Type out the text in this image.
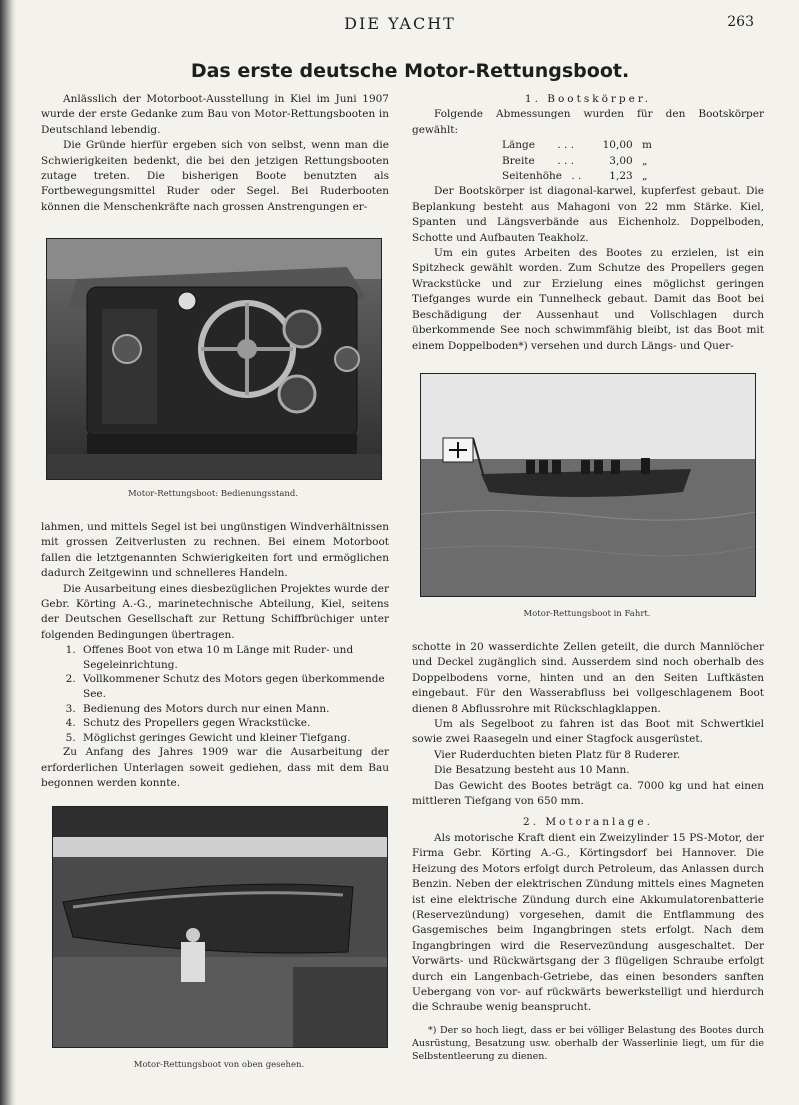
DIE YACHT	263
Das erste deutsche Motor-Rettungsboot.

Anlässlich der Motorboot-Ausstellung in Kiel im Juni 1907 wurde der erste Gedanke zum Bau von Motor-Rettungsbooten in Deutschland lebendig.

Die Gründe hierfür ergeben sich von selbst, wenn man die Schwierigkeiten bedenkt, die bei den jetzigen Rettungsbooten zutage treten. Die bisherigen Boote benutzten als Fortbewegungsmittel Ruder oder Segel. Bei Ruderbooten können die Menschenkräfte nach grossen Anstrengungen er-

Motor-Rettungsboot: Bedienungsstand.

lahmen, und mittels Segel ist bei ungünstigen Windverhältnissen mit grossen Zeitverlusten zu rechnen. Bei einem Motorboot fallen die letztgenannten Schwierigkeiten fort und ermöglichen dadurch Zeitgewinn und schnelleres Handeln.

Die Ausarbeitung eines diesbezüglichen Projektes wurde der Gebr. Körting A.-G., marinetechnische Abteilung, Kiel, seitens der Deutschen Gesellschaft zur Rettung Schiffbrüchiger unter folgenden Bedingungen übertragen.

1. Offenes Boot von etwa 10 m Länge mit Ruder- und Segeleinrichtung.
2. Vollkommener Schutz des Motors gegen überkommende See.
3. Bedienung des Motors durch nur einen Mann.
4. Schutz des Propellers gegen Wrackstücke.
5. Möglichst geringes Gewicht und kleiner Tiefgang.

Zu Anfang des Jahres 1909 war die Ausarbeitung der erforderlichen Unterlagen soweit gediehen, dass mit dem Bau begonnen werden konnte.

Motor-Rettungsboot von oben gesehen.
1. Bootskörper.

Folgende Abmessungen wurden für den Bootskörper gewählt:

Länge . . .	10,00 m
Breite . . .	3,00 „
Seitenhöhe . .	1,23 „

Der Bootskörper ist diagonal-karwel, kupferfest gebaut. Die Beplankung besteht aus Mahagoni von 22 mm Stärke. Kiel, Spanten und Längsverbände aus Eichenholz. Doppelboden, Schotte und Aufbauten Teakholz.

Um ein gutes Arbeiten des Bootes zu erzielen, ist ein Spitzheck gewählt worden. Zum Schutze des Propellers gegen Wrackstücke und zur Erzielung eines möglichst geringen Tiefganges wurde ein Tunnelheck gebaut. Damit das Boot bei Beschädigung der Aussenhaut und Vollschlagen durch überkommende See noch schwimmfähig bleibt, ist das Boot mit einem Doppelboden*) versehen und durch Längs- und Quer-

Motor-Rettungsboot in Fahrt.

schotte in 20 wasserdichte Zellen geteilt, die durch Mannlöcher und Deckel zugänglich sind. Ausserdem sind noch oberhalb des Doppelbodens vorne, hinten und an den Seiten Luftkästen eingebaut. Für den Wasserabfluss bei vollgeschlagenem Boot dienen 8 Abflussrohre mit Rückschlagklappen.

Um als Segelboot zu fahren ist das Boot mit Schwertkiel sowie zwei Raasegeln und einer Stagfock ausgerüstet.

Vier Ruderduchten bieten Platz für 8 Ruderer.

Die Besatzung besteht aus 10 Mann.

Das Gewicht des Bootes beträgt ca. 7000 kg und hat einen mittleren Tiefgang von 650 mm.

2. Motoranlage.

Als motorische Kraft dient ein Zweizylinder 15 PS-Motor, der Firma Gebr. Körting A.-G., Körtingsdorf bei Hannover. Die Heizung des Motors erfolgt durch Petroleum, das Anlassen durch Benzin. Neben der elektrischen Zündung mittels eines Magneten ist eine elektrische Zündung durch eine Akkumulatorenbatterie (Reservezündung) vorgesehen, damit die Entflammung des Gasgemisches beim Ingangbringen stets erfolgt. Nach dem Ingangbringen wird die Reservezündung ausgeschaltet. Der Vorwärts- und Rückwärtsgang der 3 flügeligen Schraube erfolgt durch ein Langenbach-Getriebe, das einen besonders sanften Uebergang von vor- auf rückwärts bewerkstelligt und hierdurch die Schraube wenig beansprucht.

*) Der so hoch liegt, dass er bei völliger Belastung des Bootes durch Ausrüstung, Besatzung usw. oberhalb der Wasserlinie liegt, um für die Selbstentleerung zu dienen.
